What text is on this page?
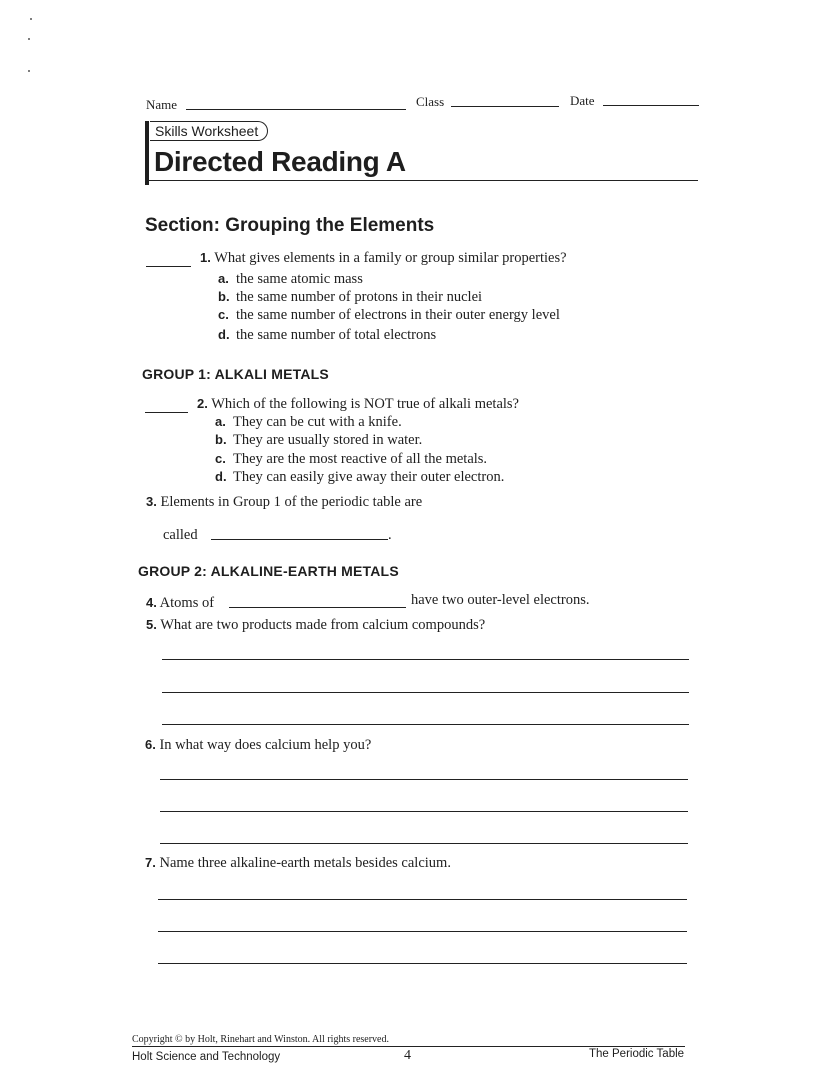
Name	Class	Date
Skills Worksheet
Directed Reading A
Section: Grouping the Elements
1. What gives elements in a family or group similar properties?
a. the same atomic mass
b. the same number of protons in their nuclei
c. the same number of electrons in their outer energy level
d. the same number of total electrons
GROUP 1: ALKALI METALS
2. Which of the following is NOT true of alkali metals?
a. They can be cut with a knife.
b. They are usually stored in water.
c. They are the most reactive of all the metals.
d. They can easily give away their outer electron.
3. Elements in Group 1 of the periodic table are
called	.
GROUP 2: ALKALINE-EARTH METALS
4. Atoms of	have two outer-level electrons.
5. What are two products made from calcium compounds?
6. In what way does calcium help you?
7. Name three alkaline-earth metals besides calcium.
Copyright © by Holt, Rinehart and Winston. All rights reserved.
Holt Science and Technology	4	The Periodic Table
